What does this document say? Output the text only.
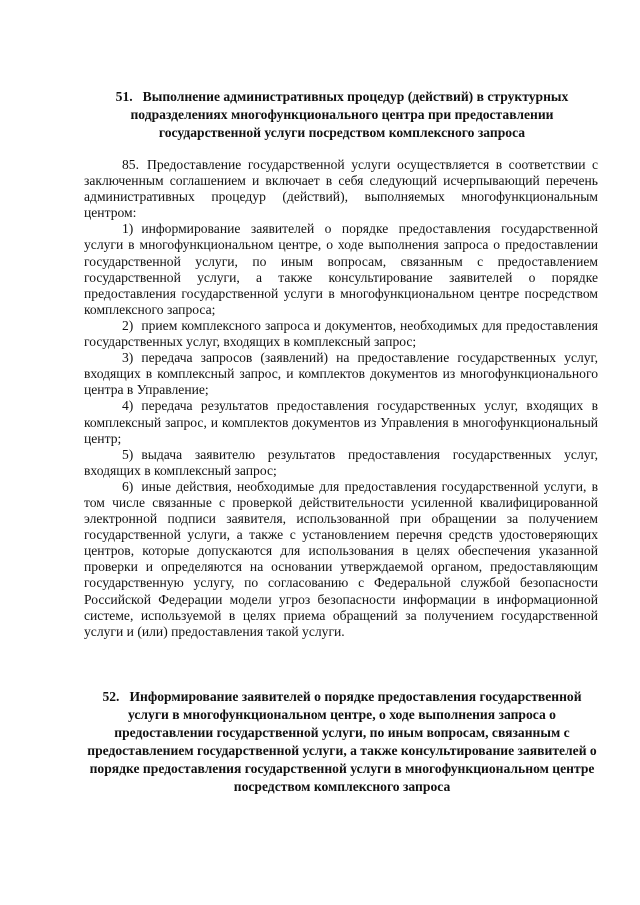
51. Выполнение административных процедур (действий) в структурных подразделениях многофункционального центра при предоставлении государственной услуги посредством комплексного запроса

85. Предоставление государственной услуги осуществляется в соответствии с заключенным соглашением и включает в себя следующий исчерпывающий перечень административных процедур (действий), выполняемых многофункциональным центром:

1) информирование заявителей о порядке предоставления государственной услуги в многофункциональном центре, о ходе выполнения запроса о предоставлении государственной услуги, по иным вопросам, связанным с предоставлением государственной услуги, а также консультирование заявителей о порядке предоставления государственной услуги в многофункциональном центре посредством комплексного запроса;

2) прием комплексного запроса и документов, необходимых для предоставления государственных услуг, входящих в комплексный запрос;

3) передача запросов (заявлений) на предоставление государственных услуг, входящих в комплексный запрос, и комплектов документов из многофункционального центра в Управление;

4) передача результатов предоставления государственных услуг, входящих в комплексный запрос, и комплектов документов из Управления в многофункциональный центр;

5) выдача заявителю результатов предоставления государственных услуг, входящих в комплексный запрос;

6) иные действия, необходимые для предоставления государственной услуги, в том числе связанные с проверкой действительности усиленной квалифицированной электронной подписи заявителя, использованной при обращении за получением государственной услуги, а также с установлением перечня средств удостоверяющих центров, которые допускаются для использования в целях обеспечения указанной проверки и определяются на основании утверждаемой органом, предоставляющим государственную услугу, по согласованию с Федеральной службой безопасности Российской Федерации модели угроз безопасности информации в информационной системе, используемой в целях приема обращений за получением государственной услуги и (или) предоставления такой услуги.

52. Информирование заявителей о порядке предоставления государственной услуги в многофункциональном центре, о ходе выполнения запроса о предоставлении государственной услуги, по иным вопросам, связанным с предоставлением государственной услуги, а также консультирование заявителей о порядке предоставления государственной услуги в многофункциональном центре посредством комплексного запроса
